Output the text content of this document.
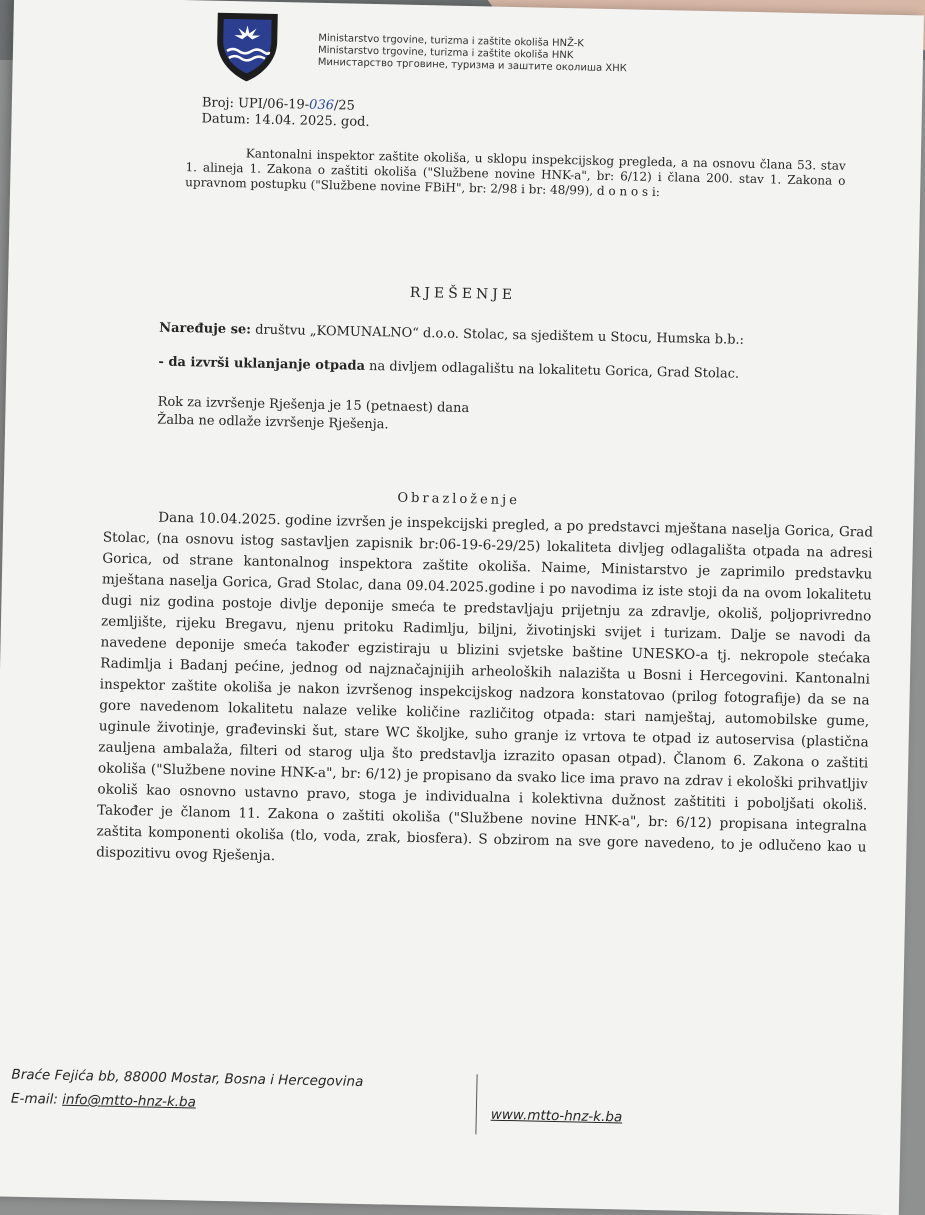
Ministarstvo trgovine, turizma i zaštite okoliša HNŽ-K
Ministarstvo trgovine, turizma i zaštite okoliša HNK
Министарство трговине, туризма и заштите околиша ХНК
Broj: UPI/06-19-036/25
Datum: 14.04. 2025. god.

Kantonalni inspektor zaštite okoliša, u sklopu inspekcijskog pregleda, a na osnovu člana 53. stav 1. alineja 1. Zakona o zaštiti okoliša ("Službene novine HNK-a", br: 6/12) i člana 200. stav 1. Zakona o upravnom postupku ("Službene novine FBiH", br: 2/98 i br: 48/99), d o n o s i:

RJEŠENJE

Naređuje se: društvu „KOMUNALNO“ d.o.o. Stolac, sa sjedištem u Stocu, Humska b.b.:

- da izvrši uklanjanje otpada na divljem odlagalištu na lokalitetu Gorica, Grad Stolac.

Rok za izvršenje Rješenja je 15 (petnaest) dana

Žalba ne odlaže izvršenje Rješenja.

Obrazloženje

Dana 10.04.2025. godine izvršen je inspekcijski pregled, a po predstavci mještana naselja Gorica, Grad Stolac, (na osnovu istog sastavljen zapisnik br:06-19-6-29/25) lokaliteta divljeg odlagališta otpada na adresi Gorica, od strane kantonalnog inspektora zaštite okoliša. Naime, Ministarstvo je zaprimilo predstavku mještana naselja Gorica, Grad Stolac, dana 09.04.2025.godine i po navodima iz iste stoji da na ovom lokalitetu dugi niz godina postoje divlje deponije smeća te predstavljaju prijetnju za zdravlje, okoliš, poljoprivredno zemljište, rijeku Bregavu, njenu pritoku Radimlju, biljni, životinjski svijet i turizam. Dalje se navodi da navedene deponije smeća također egzistiraju u blizini svjetske baštine UNESKO-a tj. nekropole stećaka Radimlja i Badanj pećine, jednog od najznačajnijih arheoloških nalazišta u Bosni i Hercegovini. Kantonalni inspektor zaštite okoliša je nakon izvršenog inspekcijskog nadzora konstatovao (prilog fotografije) da se na gore navedenom lokalitetu nalaze velike količine različitog otpada: stari namještaj, automobilske gume, uginule životinje, građevinski šut, stare WC školjke, suho granje iz vrtova te otpad iz autoservisa (plastična zauljena ambalaža, filteri od starog ulja što predstavlja izrazito opasan otpad). Članom 6. Zakona o zaštiti okoliša ("Službene novine HNK-a", br: 6/12) je propisano da svako lice ima pravo na zdrav i ekološki prihvatljiv okoliš kao osnovno ustavno pravo, stoga je individualna i kolektivna dužnost zaštititi i poboljšati okoliš. Također je članom 11. Zakona o zaštiti okoliša ("Službene novine HNK-a", br: 6/12) propisana integralna zaštita komponenti okoliša (tlo, voda, zrak, biosfera). S obzirom na sve gore navedeno, to je odlučeno kao u dispozitivu ovog Rješenja.

Braće Fejića bb, 88000 Mostar, Bosna i Hercegovina
E-mail: info@mtto-hnz-k.ba
www.mtto-hnz-k.ba
